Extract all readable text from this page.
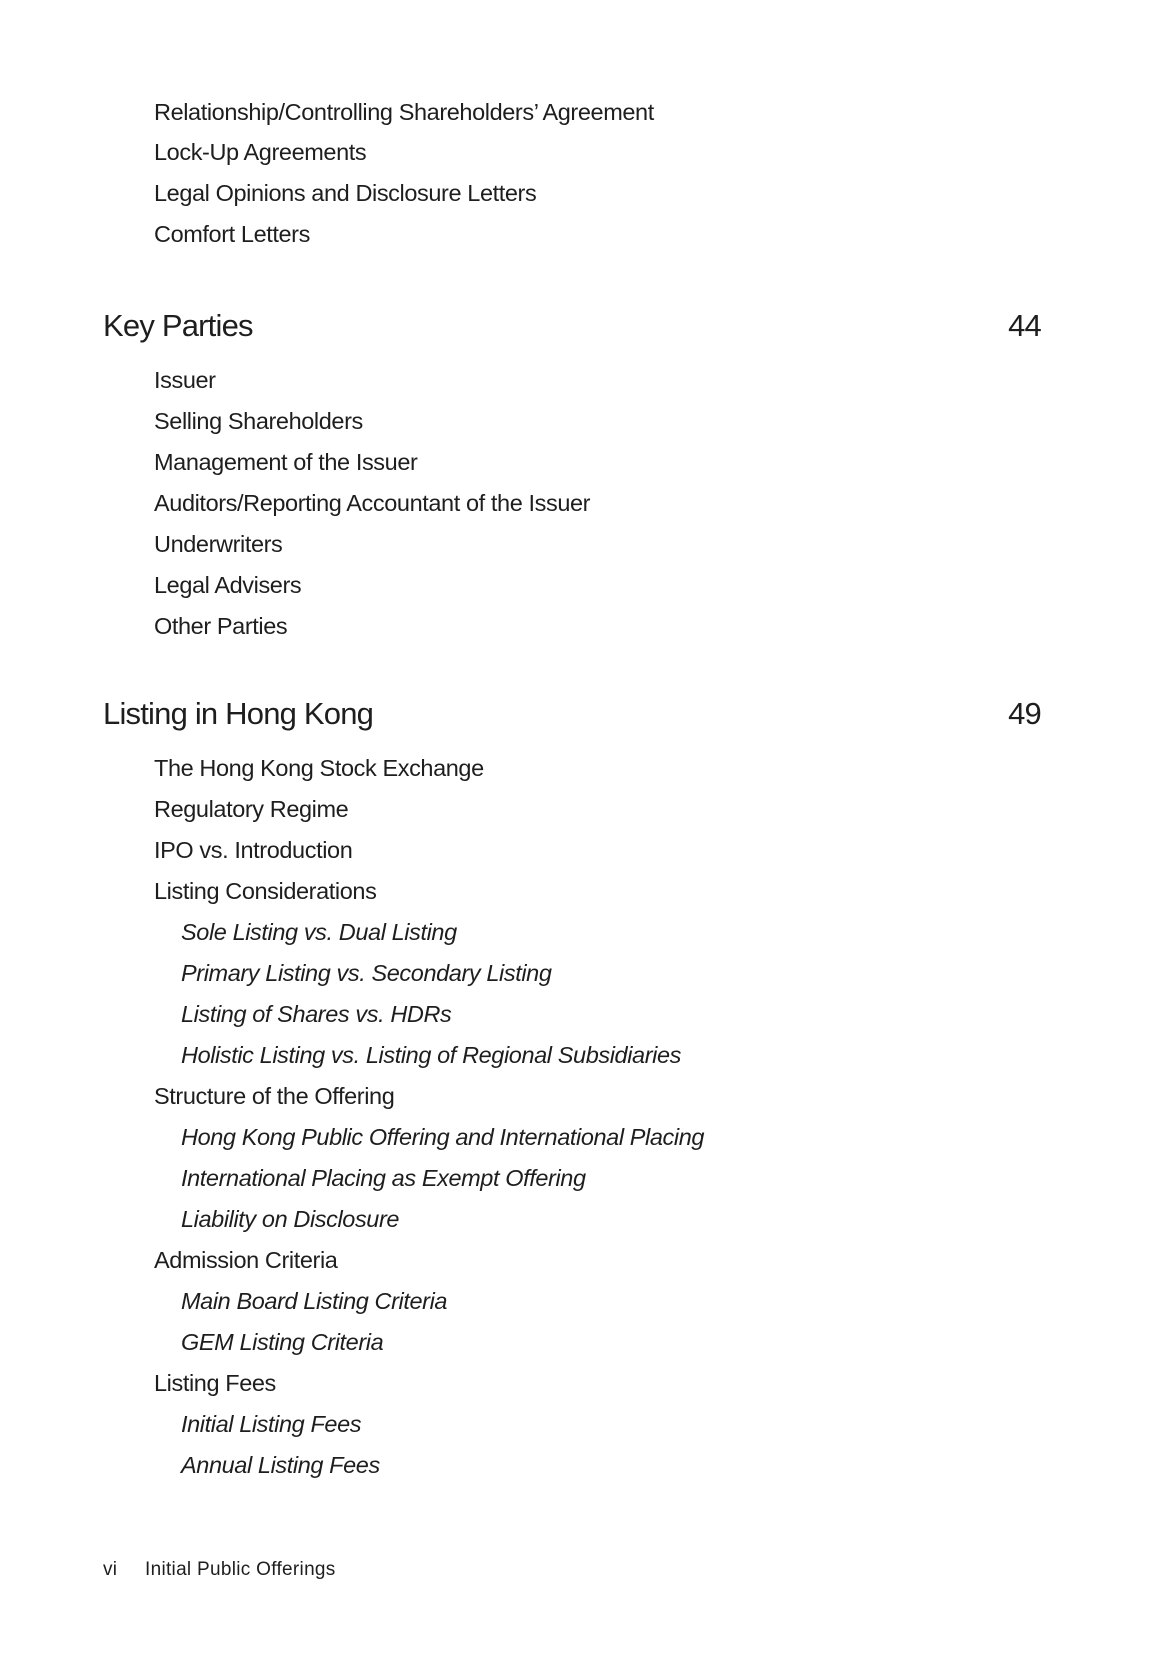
Relationship/Controlling Shareholders’ Agreement
Lock-Up Agreements
Legal Opinions and Disclosure Letters
Comfort Letters
Key Parties	44
Issuer
Selling Shareholders
Management of the Issuer
Auditors/Reporting Accountant of the Issuer
Underwriters
Legal Advisers
Other Parties
Listing in Hong Kong	49
The Hong Kong Stock Exchange
Regulatory Regime
IPO vs. Introduction
Listing Considerations
Sole Listing vs. Dual Listing
Primary Listing vs. Secondary Listing
Listing of Shares vs. HDRs
Holistic Listing vs. Listing of Regional Subsidiaries
Structure of the Offering
Hong Kong Public Offering and International Placing
International Placing as Exempt Offering
Liability on Disclosure
Admission Criteria
Main Board Listing Criteria
GEM Listing Criteria
Listing Fees
Initial Listing Fees
Annual Listing Fees
vi Initial Public Offerings
